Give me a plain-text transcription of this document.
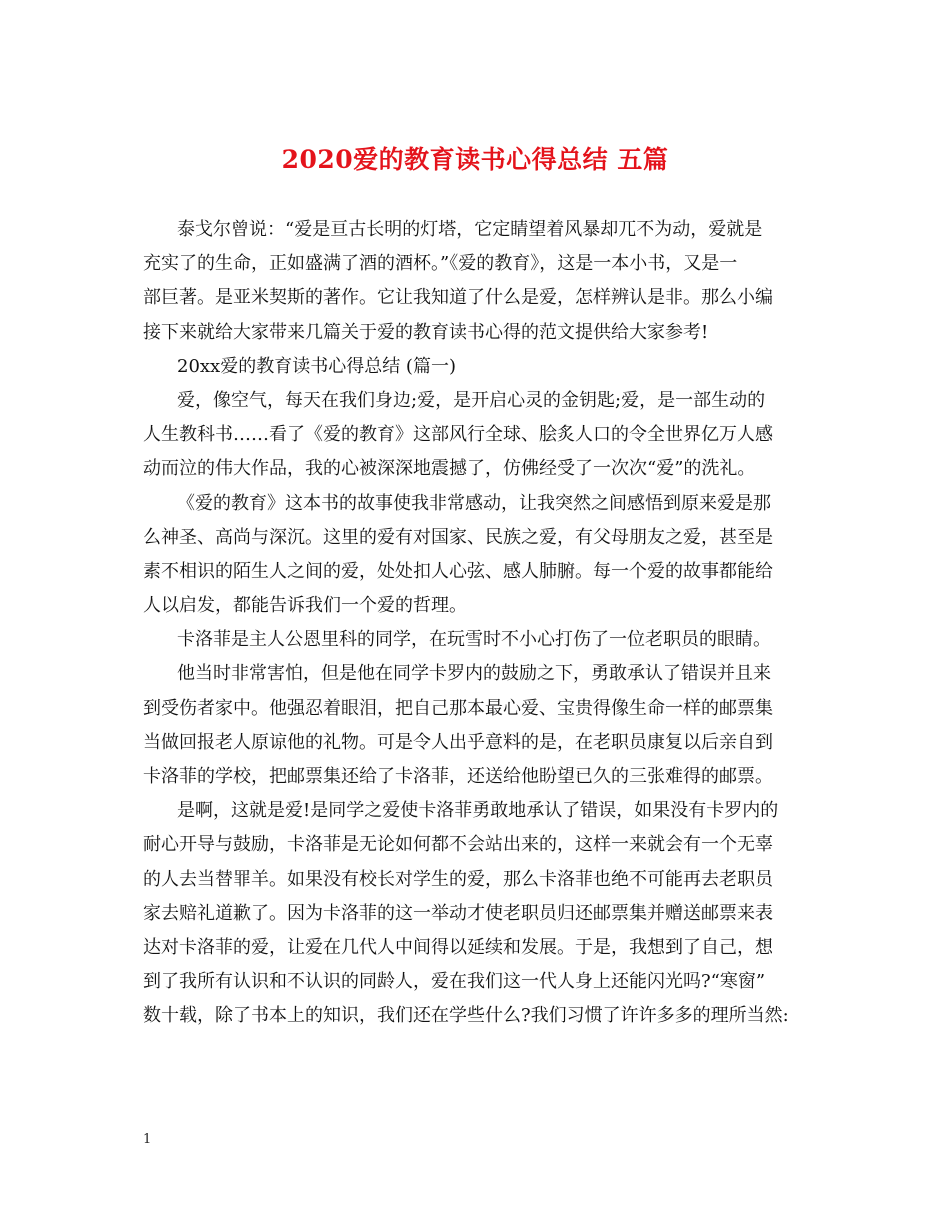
2020爱的教育读书心得总结 五篇
泰戈尔曾说：“爱是亘古长明的灯塔，它定睛望着风暴却兀不为动，爱就是
充实了的生命，正如盛满了酒的酒杯。”《爱的教育》，这是一本小书，又是一
部巨著。是亚米契斯的著作。它让我知道了什么是爱，怎样辨认是非。那么小编
接下来就给大家带来几篇关于爱的教育读书心得的范文提供给大家参考!
20xx爱的教育读书心得总结 (篇一)
爱，像空气，每天在我们身边;爱，是开启心灵的金钥匙;爱，是一部生动的
人生教科书……看了《爱的教育》这部风行全球、脍炙人口的令全世界亿万人感
动而泣的伟大作品，我的心被深深地震撼了，仿佛经受了一次次“爱”的洗礼。
《爱的教育》这本书的故事使我非常感动，让我突然之间感悟到原来爱是那
么神圣、高尚与深沉。这里的爱有对国家、民族之爱，有父母朋友之爱，甚至是
素不相识的陌生人之间的爱，处处扣人心弦、感人肺腑。每一个爱的故事都能给
人以启发，都能告诉我们一个爱的哲理。
卡洛菲是主人公恩里科的同学，在玩雪时不小心打伤了一位老职员的眼睛。
他当时非常害怕，但是他在同学卡罗内的鼓励之下，勇敢承认了错误并且来
到受伤者家中。他强忍着眼泪，把自己那本最心爱、宝贵得像生命一样的邮票集
当做回报老人原谅他的礼物。可是令人出乎意料的是，在老职员康复以后亲自到
卡洛菲的学校，把邮票集还给了卡洛菲，还送给他盼望已久的三张难得的邮票。
是啊，这就是爱!是同学之爱使卡洛菲勇敢地承认了错误，如果没有卡罗内的
耐心开导与鼓励，卡洛菲是无论如何都不会站出来的，这样一来就会有一个无辜
的人去当替罪羊。如果没有校长对学生的爱，那么卡洛菲也绝不可能再去老职员
家去赔礼道歉了。因为卡洛菲的这一举动才使老职员归还邮票集并赠送邮票来表
达对卡洛菲的爱，让爱在几代人中间得以延续和发展。于是，我想到了自己，想
到了我所有认识和不认识的同龄人，爱在我们这一代人身上还能闪光吗?“寒窗”
数十载，除了书本上的知识，我们还在学些什么?我们习惯了许许多多的理所当然:
1
